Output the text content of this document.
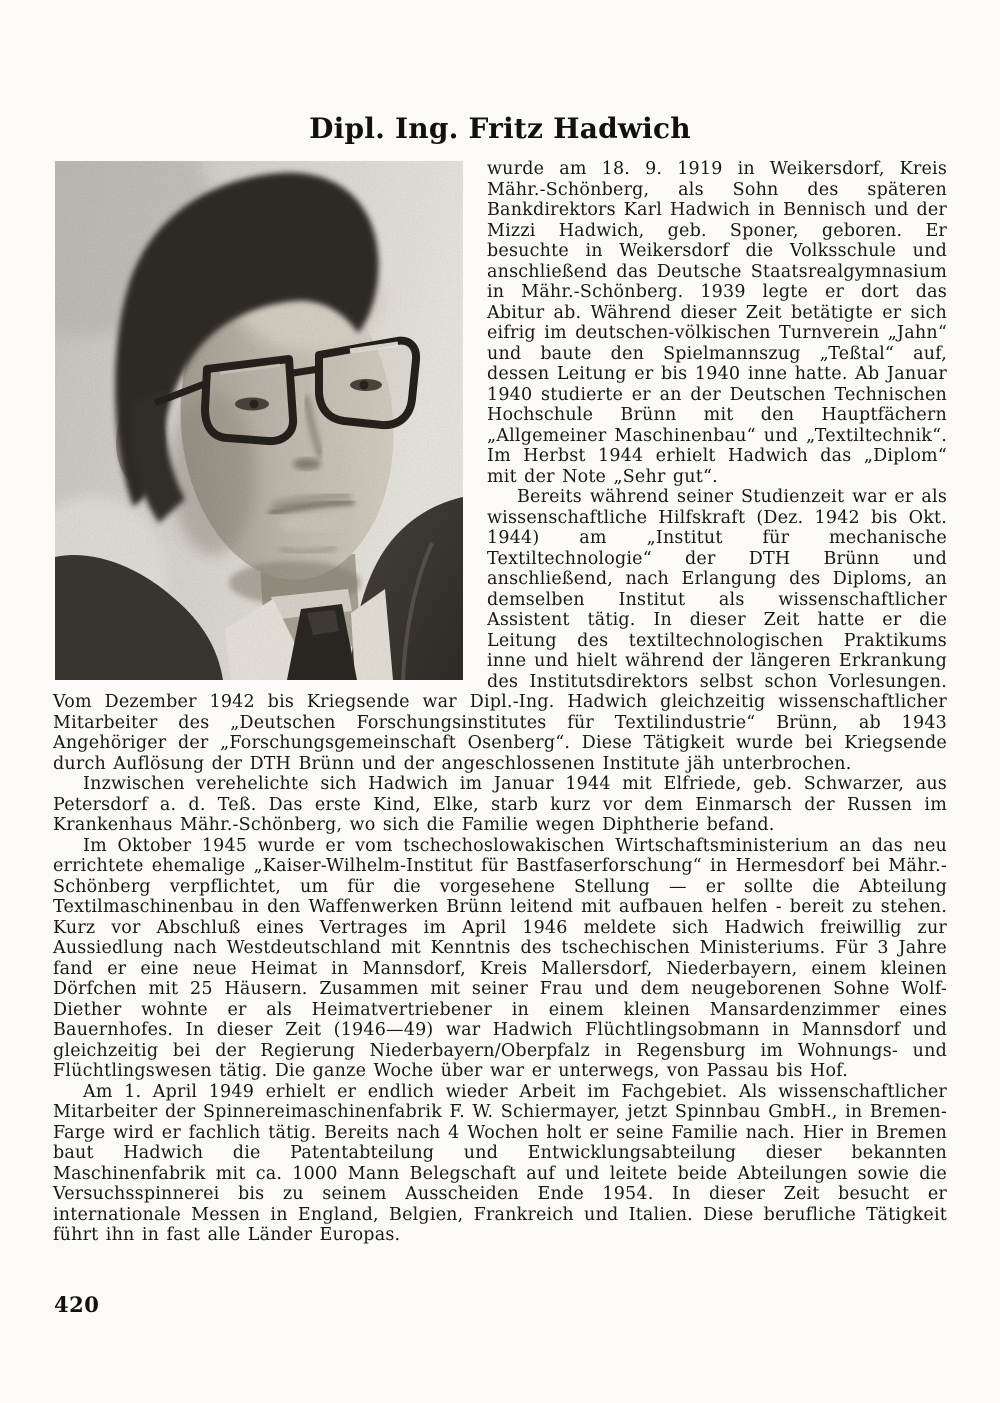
Dipl. Ing. Fritz Hadwich

wurde am 18. 9. 1919 in Weikersdorf, Kreis Mähr.-Schönberg, als Sohn des späteren Bankdirektors Karl Hadwich in Bennisch und der Mizzi Hadwich, geb. Sponer, geboren. Er besuchte in Weikersdorf die Volksschule und anschließend das Deutsche Staatsrealgymnasium in Mähr.-Schönberg. 1939 legte er dort das Abitur ab. Während dieser Zeit betätigte er sich eifrig im deutschen-völkischen Turnverein „Jahn“ und baute den Spielmannszug „Teßtal“ auf, dessen Leitung er bis 1940 inne hatte. Ab Januar 1940 studierte er an der Deutschen Technischen Hochschule Brünn mit den Hauptfächern „Allgemeiner Maschinenbau“ und „Textiltechnik“. Im Herbst 1944 erhielt Hadwich das „Diplom“ mit der Note „Sehr gut“.

Bereits während seiner Studienzeit war er als wissenschaftliche Hilfskraft (Dez. 1942 bis Okt. 1944) am „Institut für mechanische Textiltechnologie“ der DTH Brünn und anschließend, nach Erlangung des Diploms, an demselben Institut als wissenschaftlicher Assistent tätig. In dieser Zeit hatte er die Leitung des textiltechnologischen Praktikums inne und hielt während der längeren Erkrankung des Institutsdirektors selbst schon Vorlesungen. Vom Dezember 1942 bis Kriegsende war Dipl.-Ing. Hadwich gleichzeitig wissenschaftlicher Mitarbeiter des „Deutschen Forschungsinstitutes für Textilindustrie“ Brünn, ab 1943 Angehöriger der „Forschungsgemeinschaft Osenberg“. Diese Tätigkeit wurde bei Kriegsende durch Auflösung der DTH Brünn und der angeschlossenen Institute jäh unterbrochen.

Inzwischen verehelichte sich Hadwich im Januar 1944 mit Elfriede, geb. Schwarzer, aus Petersdorf a. d. Teß. Das erste Kind, Elke, starb kurz vor dem Einmarsch der Russen im Krankenhaus Mähr.-Schönberg, wo sich die Familie wegen Diphtherie befand.

Im Oktober 1945 wurde er vom tschechoslowakischen Wirtschaftsministerium an das neu errichtete ehemalige „Kaiser-Wilhelm-Institut für Bastfaserforschung“ in Hermesdorf bei Mähr.-Schönberg verpflichtet, um für die vorgesehene Stellung — er sollte die Abteilung Textilmaschinenbau in den Waffenwerken Brünn leitend mit aufbauen helfen - bereit zu stehen. Kurz vor Abschluß eines Vertrages im April 1946 meldete sich Hadwich freiwillig zur Aussiedlung nach Westdeutschland mit Kenntnis des tschechischen Ministeriums. Für 3 Jahre fand er eine neue Heimat in Mannsdorf, Kreis Mallersdorf, Niederbayern, einem kleinen Dörfchen mit 25 Häusern. Zusammen mit seiner Frau und dem neugeborenen Sohne Wolf-Diether wohnte er als Heimatvertriebener in einem kleinen Mansardenzimmer eines Bauernhofes. In dieser Zeit (1946—49) war Hadwich Flüchtlingsobmann in Mannsdorf und gleichzeitig bei der Regierung Niederbayern/Oberpfalz in Regensburg im Wohnungs- und Flüchtlingswesen tätig. Die ganze Woche über war er unterwegs, von Passau bis Hof.

Am 1. April 1949 erhielt er endlich wieder Arbeit im Fachgebiet. Als wissenschaftlicher Mitarbeiter der Spinnereimaschinenfabrik F. W. Schiermayer, jetzt Spinnbau GmbH., in Bremen-Farge wird er fachlich tätig. Bereits nach 4 Wochen holt er seine Familie nach. Hier in Bremen baut Hadwich die Patentabteilung und Entwicklungsabteilung dieser bekannten Maschinenfabrik mit ca. 1000 Mann Belegschaft auf und leitete beide Abteilungen sowie die Versuchsspinnerei bis zu seinem Ausscheiden Ende 1954. In dieser Zeit besucht er internationale Messen in England, Belgien, Frankreich und Italien. Diese berufliche Tätigkeit führt ihn in fast alle Länder Europas.

420
